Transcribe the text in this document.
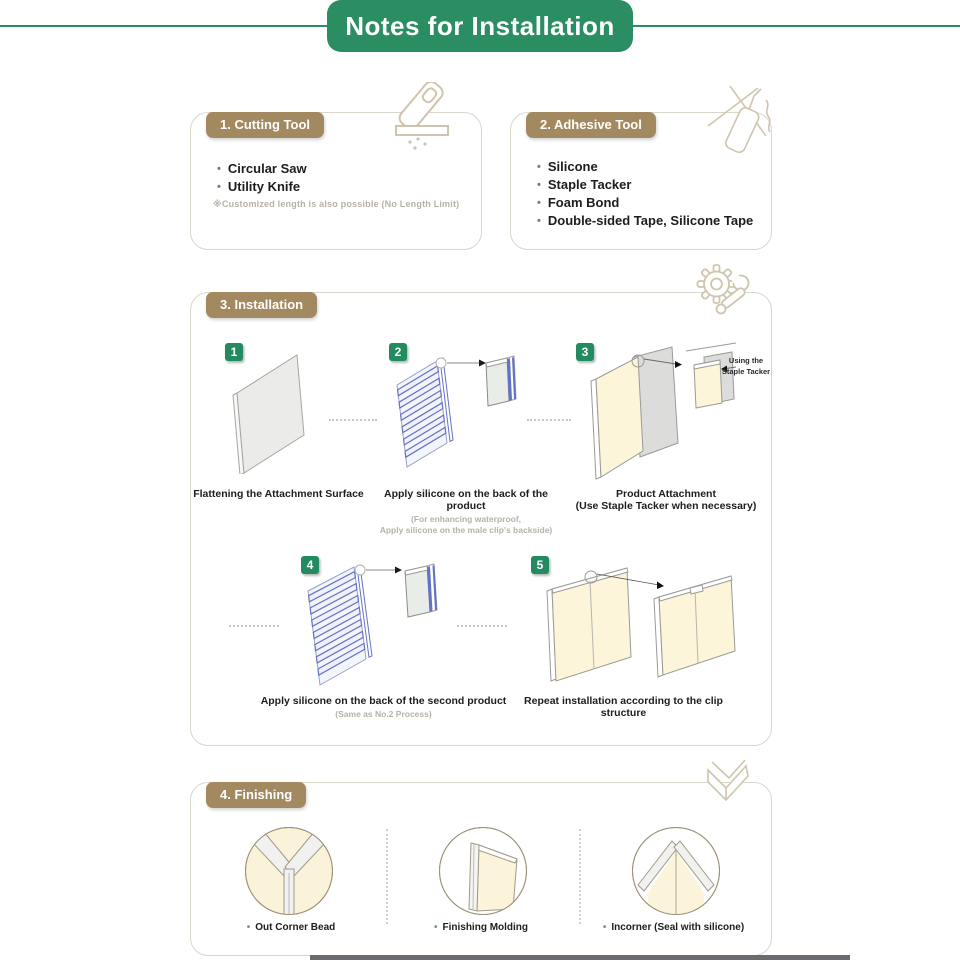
Notes for Installation
1. Cutting Tool
• Circular Saw
• Utility Knife
※Customized length is also possible (No Length Limit)
2. Adhesive Tool
• Silicone
• Staple Tacker
• Foam Bond
• Double-sided Tape, Silicone Tape
3. Installation
1	2	3
Using the
Staple Tacker
Flattening the Attachment Surface	Apply silicone on the back of the product
(For enhancing waterproof,
Apply silicone on the male clip's backside)
Product Attachment
(Use Staple Tacker when necessary)
4	5
Apply silicone on the back of the second product
(Same as No.2 Process)
Repeat installation according to the clip structure
4. Finishing
• Out Corner Bead •	Finishing Molding •	Incorner (Seal with silicone)
